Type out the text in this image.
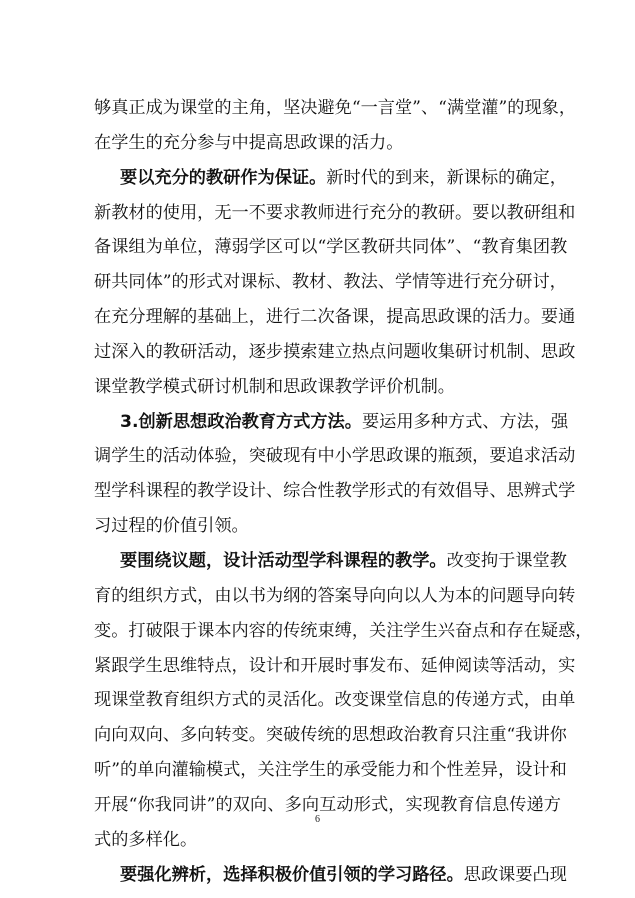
够真正成为课堂的主角，坚决避免“一言堂”、“满堂灌”的现象，
在学生的充分参与中提高思政课的活力。
要以充分的教研作为保证。新时代的到来，新课标的确定，
新教材的使用，无一不要求教师进行充分的教研。要以教研组和
备课组为单位，薄弱学区可以“学区教研共同体”、“教育集团教
研共同体”的形式对课标、教材、教法、学情等进行充分研讨，
在充分理解的基础上，进行二次备课，提高思政课的活力。要通
过深入的教研活动，逐步摸索建立热点问题收集研讨机制、思政
课堂教学模式研讨机制和思政课教学评价机制。
3.创新思想政治教育方式方法。要运用多种方式、方法，强
调学生的活动体验，突破现有中小学思政课的瓶颈，要追求活动
型学科课程的教学设计、综合性教学形式的有效倡导、思辨式学
习过程的价值引领。
要围绕议题，设计活动型学科课程的教学。改变拘于课堂教
育的组织方式，由以书为纲的答案导向向以人为本的问题导向转
变。打破限于课本内容的传统束缚，关注学生兴奋点和存在疑惑，
紧跟学生思维特点，设计和开展时事发布、延伸阅读等活动，实
现课堂教育组织方式的灵活化。改变课堂信息的传递方式，由单
向向双向、多向转变。突破传统的思想政治教育只注重“我讲你
听”的单向灌输模式，关注学生的承受能力和个性差异，设计和
开展“你我同讲”的双向、多向互动形式，实现教育信息传递方
式的多样化。
要强化辨析，选择积极价值引领的学习路径。思政课要凸现
6
